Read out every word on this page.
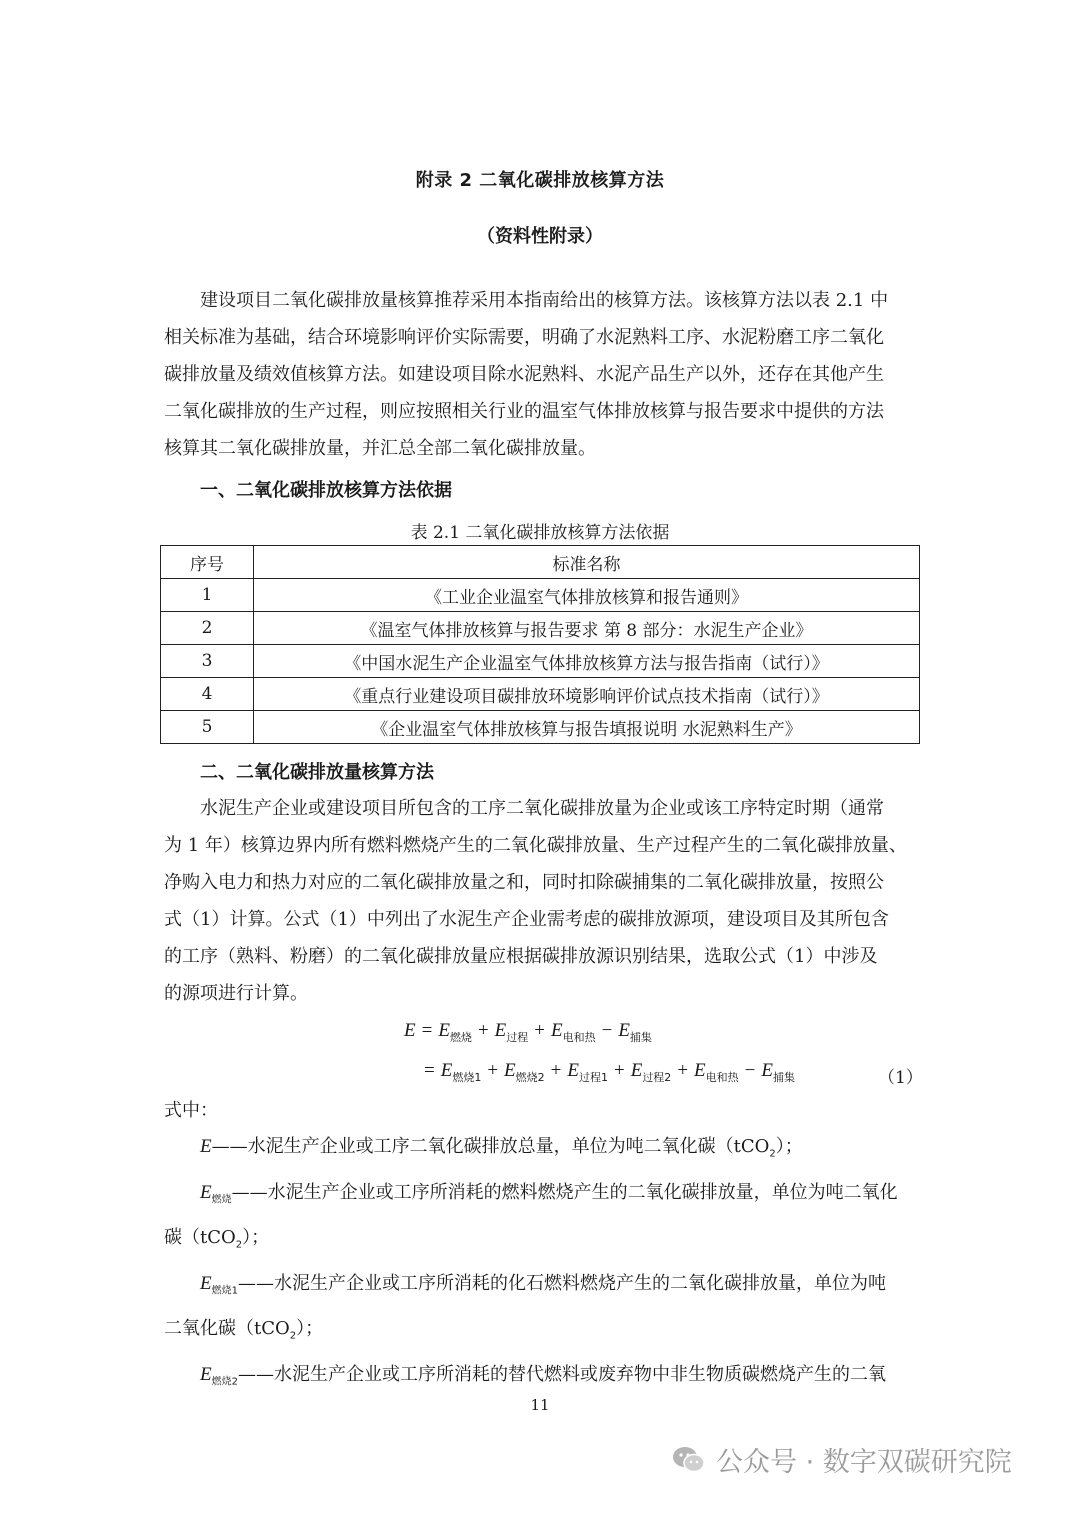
附录 2 二氧化碳排放核算方法
（资料性附录）
建设项目二氧化碳排放量核算推荐采用本指南给出的核算方法。该核算方法以表 2.1 中
相关标准为基础，结合环境影响评价实际需要，明确了水泥熟料工序、水泥粉磨工序二氧化
碳排放量及绩效值核算方法。如建设项目除水泥熟料、水泥产品生产以外，还存在其他产生
二氧化碳排放的生产过程，则应按照相关行业的温室气体排放核算与报告要求中提供的方法
核算其二氧化碳排放量，并汇总全部二氧化碳排放量。
一、二氧化碳排放核算方法依据
表 2.1 二氧化碳排放核算方法依据
序号	标准名称
1	《工业企业温室气体排放核算和报告通则》
2	《温室气体排放核算与报告要求 第 8 部分：水泥生产企业》
3	《中国水泥生产企业温室气体排放核算方法与报告指南（试行）》
4	《重点行业建设项目碳排放环境影响评价试点技术指南（试行）》
5	《企业温室气体排放核算与报告填报说明 水泥熟料生产》
二、二氧化碳排放量核算方法
水泥生产企业或建设项目所包含的工序二氧化碳排放量为企业或该工序特定时期（通常
为 1 年）核算边界内所有燃料燃烧产生的二氧化碳排放量、生产过程产生的二氧化碳排放量、
净购入电力和热力对应的二氧化碳排放量之和，同时扣除碳捕集的二氧化碳排放量，按照公
式（1）计算。公式（1）中列出了水泥生产企业需考虑的碳排放源项，建设项目及其所包含
的工序（熟料、粉磨）的二氧化碳排放量应根据碳排放源识别结果，选取公式（1）中涉及
的源项进行计算。
$E = E_{燃烧} + E_{过程} + E_{电和热} - E_{捕集}$
= $E_{燃烧1} + E_{燃烧2} + E_{过程1} + E_{过程2} + E_{电和热} - E_{捕集}$	（1）
式中：
E——水泥生产企业或工序二氧化碳排放总量，单位为吨二氧化碳（tCO$_2$）；
$E_{燃烧}——$水泥生产企业或工序所消耗的燃料燃烧产生的二氧化碳排放量，单位为吨二氧化
碳（tCO$_2$）；
$E_{燃烧1}——$水泥生产企业或工序所消耗的化石燃料燃烧产生的二氧化碳排放量，单位为吨
二氧化碳（tCO$_2$）；
$E_{燃烧2}——$水泥生产企业或工序所消耗的替代燃料或废弃物中非生物质碳燃烧产生的二氧
11
公众号 · 数字双碳研究院
